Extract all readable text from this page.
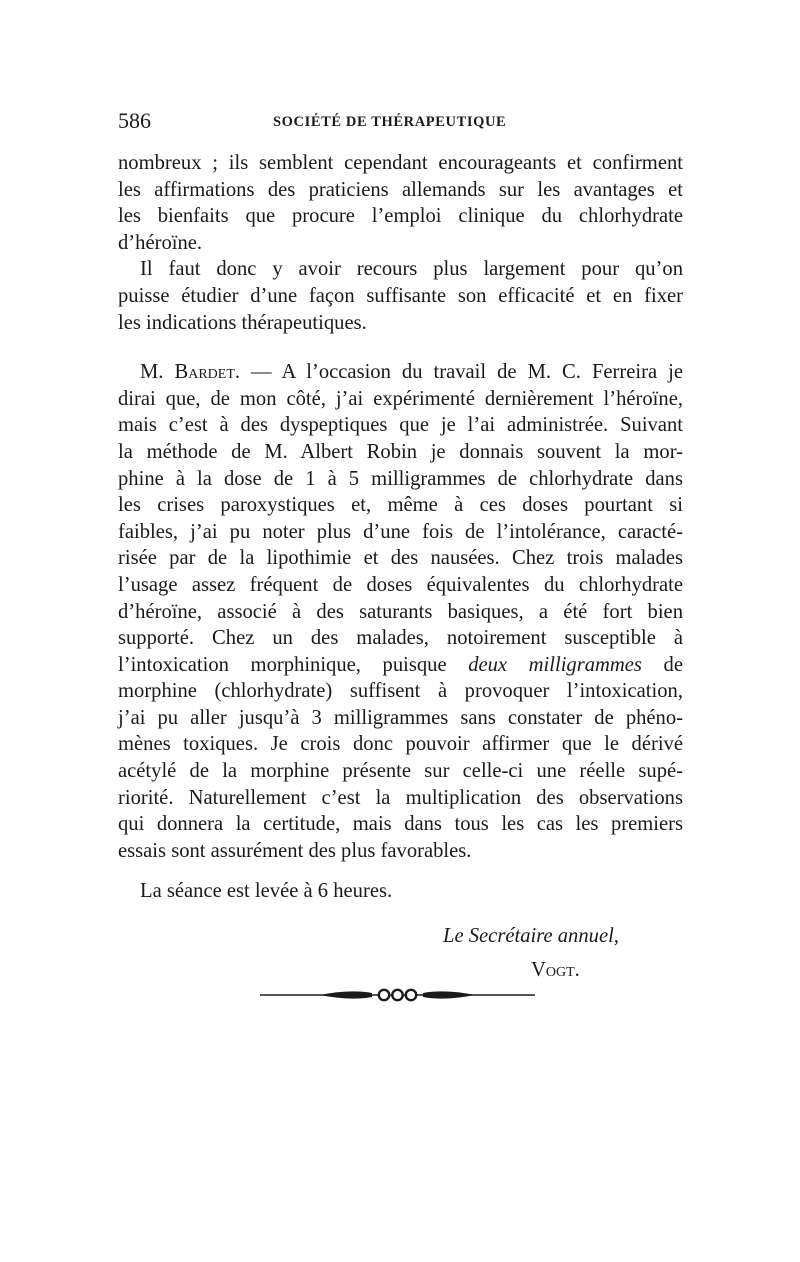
586	SOCIÉTÉ DE THÉRAPEUTIQUE

nombreux ; ils semblent cependant encourageants et confirment
les affirmations des praticiens allemands sur les avantages et
les bienfaits que procure l’emploi clinique du chlorhydrate
d’héroïne.

Il faut donc y avoir recours plus largement pour qu’on
puisse étudier d’une façon suffisante son efficacité et en fixer
les indications thérapeutiques.

M. Bardet. — A l’occasion du travail de M. C. Ferreira je
dirai que, de mon côté, j’ai expérimenté dernièrement l’héroïne,
mais c’est à des dyspeptiques que je l’ai administrée. Suivant
la méthode de M. Albert Robin je donnais souvent la mor-
phine à la dose de 1 à 5 milligrammes de chlorhydrate dans
les crises paroxystiques et, même à ces doses pourtant si
faibles, j’ai pu noter plus d’une fois de l’intolérance, caracté-
risée par de la lipothimie et des nausées. Chez trois malades
l’usage assez fréquent de doses équivalentes du chlorhydrate
d’héroïne, associé à des saturants basiques, a été fort bien
supporté. Chez un des malades, notoirement susceptible à
l’intoxication morphinique, puisque deux milligrammes de
morphine (chlorhydrate) suffisent à provoquer l’intoxication,
j’ai pu aller jusqu’à 3 milligrammes sans constater de phéno-
mènes toxiques. Je crois donc pouvoir affirmer que le dérivé
acétylé de la morphine présente sur celle-ci une réelle supé-
riorité. Naturellement c’est la multiplication des observations
qui donnera la certitude, mais dans tous les cas les premiers
essais sont assurément des plus favorables.

La séance est levée à 6 heures.

Le Secrétaire annuel,
Vogt.
